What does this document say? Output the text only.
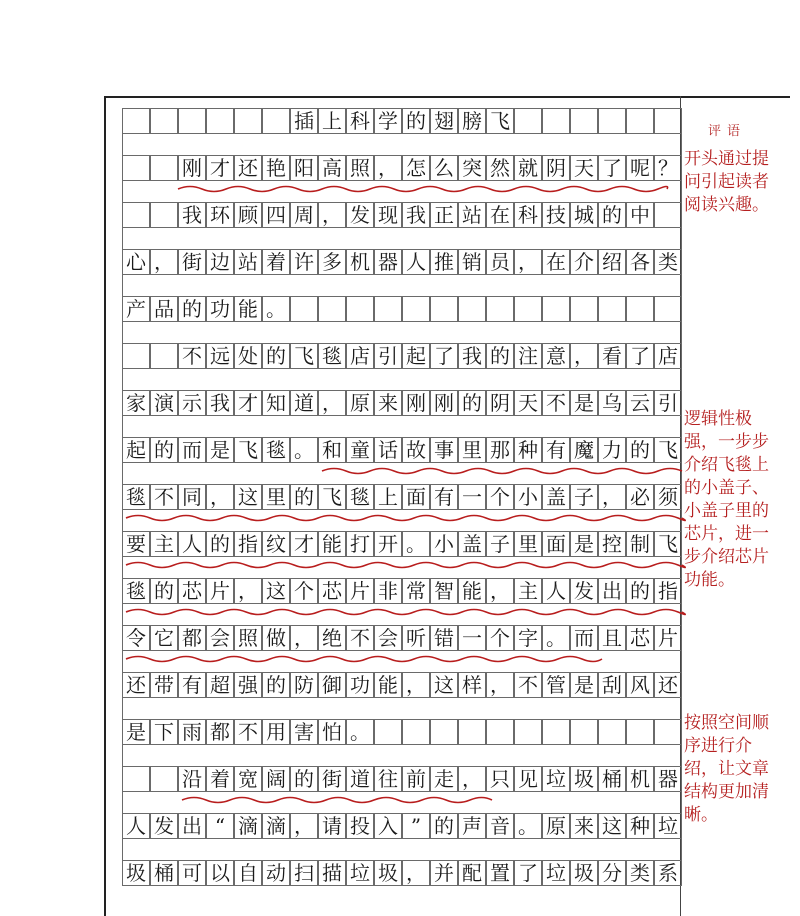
插 上 科 学 的 翅 膀 飞
刚 才 还 艳 阳 高 照 ， 怎 么 突 然 就 阴 天 了 呢 ？
我 环 顾 四 周 ， 发 现 我 正 站 在 科 技 城 的 中
心 ， 街 边 站 着 许 多 机 器 人 推 销 员 ， 在 介 绍 各 类
产 品 的 功 能 。
不 远 处 的 飞 毯 店 引 起 了 我 的 注 意 ， 看 了 店
家 演 示 我 才 知 道 ， 原 来 刚 刚 的 阴 天 不 是 乌 云 引
起 的 而 是 飞 毯 。 和 童 话 故 事 里 那 种 有 魔 力 的 飞
毯 不 同 ， 这 里 的 飞 毯 上 面 有 一 个 小 盖 子 ， 必 须
要 主 人 的 指 纹 才 能 打 开 。 小 盖 子 里 面 是 控 制 飞
毯 的 芯 片 ， 这 个 芯 片 非 常 智 能 ， 主 人 发 出 的 指
令 它 都 会 照 做 ， 绝 不 会 听 错 一 个 字 。 而 且 芯 片
还 带 有 超 强 的 防 御 功 能 ， 这 样 ， 不 管 是 刮 风 还
是 下 雨 都 不 用 害 怕 。
沿 着 宽 阔 的 街 道 往 前 走 ， 只 见 垃 圾 桶 机 器
人 发 出 “ 滴 滴 ， 请 投 入 ” 的 声 音 。 原 来 这 种 垃
圾 桶 可 以 自 动 扫 描 垃 圾 ， 并 配 置 了 垃 圾 分 类 系
评语
开头通过提问引起读者阅读兴趣。
逻辑性极强，一步步介绍飞毯上的小盖子、小盖子里的芯片，进一步介绍芯片功能。
按照空间顺序进行介绍，让文章结构更加清晰。
